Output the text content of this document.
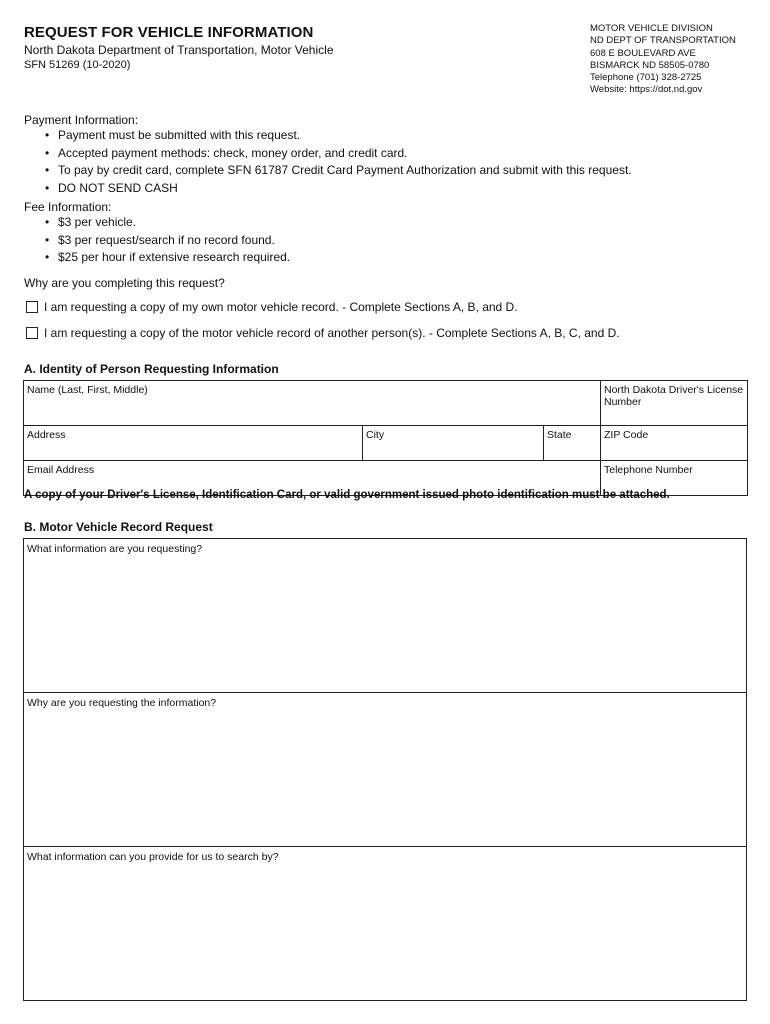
REQUEST FOR VEHICLE INFORMATION
North Dakota Department of Transportation, Motor Vehicle
SFN 51269 (10-2020)
MOTOR VEHICLE DIVISION
ND DEPT OF TRANSPORTATION
608 E BOULEVARD AVE
BISMARCK ND 58505-0780
Telephone (701) 328-2725
Website: https://dot.nd.gov
Payment Information:
• Payment must be submitted with this request.
• Accepted payment methods: check, money order, and credit card.
• To pay by credit card, complete SFN 61787 Credit Card Payment Authorization and submit with this request.
• DO NOT SEND CASH
Fee Information:
• $3 per vehicle.
• $3 per request/search if no record found.
• $25 per hour if extensive research required.
Why are you completing this request?
I am requesting a copy of my own motor vehicle record. - Complete Sections A, B, and D.
I am requesting a copy of the motor vehicle record of another person(s). - Complete Sections A, B, C, and D.
A. Identity of Person Requesting Information
Name (Last, First, Middle)			North Dakota Driver's License Number

Address	City	State	ZIP Code

Email Address			Telephone Number
A copy of your Driver's License, Identification Card, or valid government issued photo identification must be attached.
B. Motor Vehicle Record Request
What information are you requesting?
Why are you requesting the information?
What information can you provide for us to search by?
